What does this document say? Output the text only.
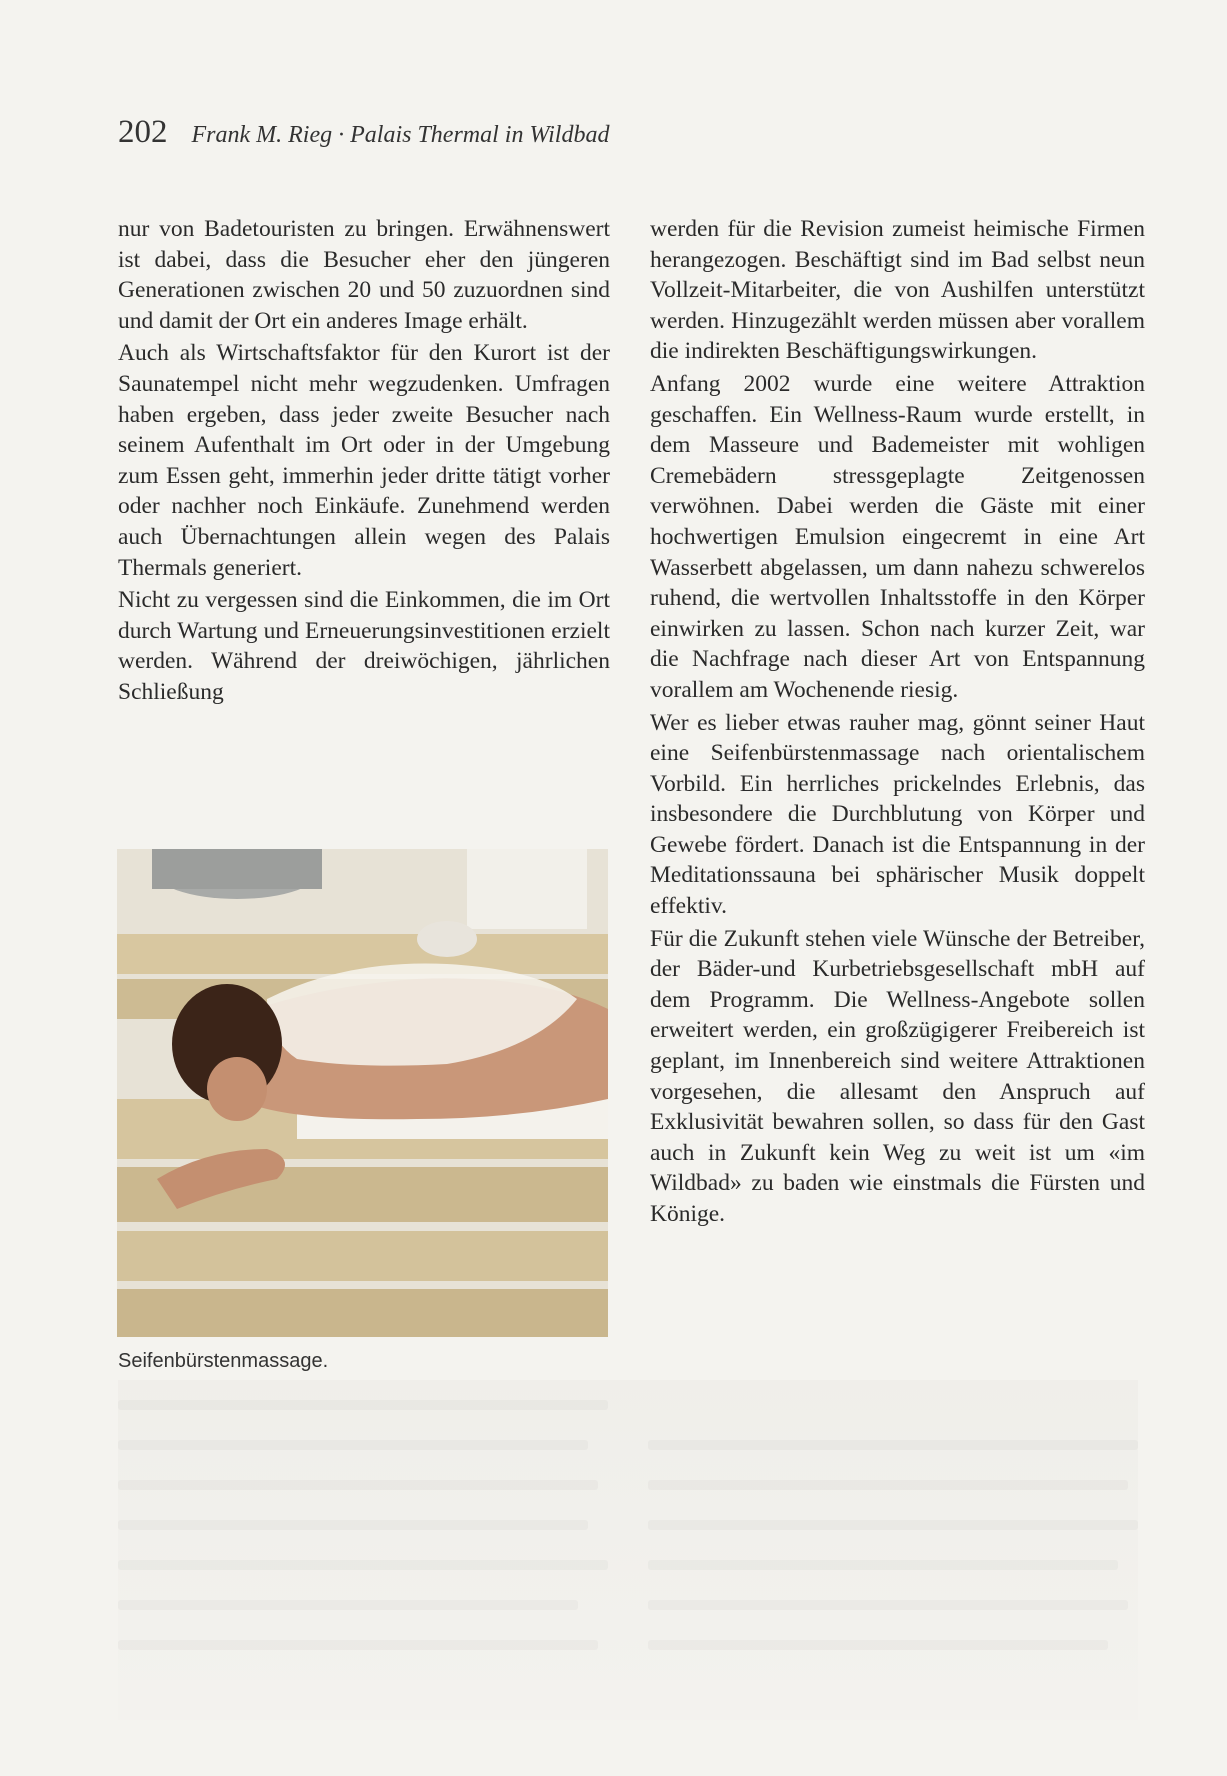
202 Frank M. Rieg · Palais Thermal in Wildbad

nur von Badetouristen zu bringen. Erwähnenswert ist dabei, dass die Besucher eher den jüngeren Generationen zwischen 20 und 50 zuzuordnen sind und damit der Ort ein anderes Image erhält.

Auch als Wirtschaftsfaktor für den Kurort ist der Saunatempel nicht mehr wegzudenken. Umfragen haben ergeben, dass jeder zweite Besucher nach seinem Aufenthalt im Ort oder in der Umgebung zum Essen geht, immerhin jeder dritte tätigt vorher oder nachher noch Einkäufe. Zunehmend werden auch Übernachtungen allein wegen des Palais Thermals generiert.

Nicht zu vergessen sind die Einkommen, die im Ort durch Wartung und Erneuerungsinvestitionen erzielt werden. Während der dreiwöchigen, jährlichen Schließung

Seifenbürstenmassage.

werden für die Revision zumeist heimische Firmen herangezogen. Beschäftigt sind im Bad selbst neun Vollzeit-Mitarbeiter, die von Aushilfen unterstützt werden. Hinzugezählt werden müssen aber vorallem die indirekten Beschäftigungswirkungen.

Anfang 2002 wurde eine weitere Attraktion geschaffen. Ein Wellness-Raum wurde erstellt, in dem Masseure und Bademeister mit wohligen Cremebädern stressgeplagte Zeitgenossen verwöhnen. Dabei werden die Gäste mit einer hochwertigen Emulsion eingecremt in eine Art Wasserbett abgelassen, um dann nahezu schwerelos ruhend, die wertvollen Inhaltsstoffe in den Körper einwirken zu lassen. Schon nach kurzer Zeit, war die Nachfrage nach dieser Art von Entspannung vorallem am Wochenende riesig.

Wer es lieber etwas rauher mag, gönnt seiner Haut eine Seifenbürstenmassage nach orientalischem Vorbild. Ein herrliches prickelndes Erlebnis, das insbesondere die Durchblutung von Körper und Gewebe fördert. Danach ist die Entspannung in der Meditationssauna bei sphärischer Musik doppelt effektiv.

Für die Zukunft stehen viele Wünsche der Betreiber, der Bäder-und Kurbetriebsgesellschaft mbH auf dem Programm. Die Wellness-Angebote sollen erweitert werden, ein großzügigerer Freibereich ist geplant, im Innenbereich sind weitere Attraktionen vorgesehen, die allesamt den Anspruch auf Exklusivität bewahren sollen, so dass für den Gast auch in Zukunft kein Weg zu weit ist um «im Wildbad» zu baden wie einstmals die Fürsten und Könige.
